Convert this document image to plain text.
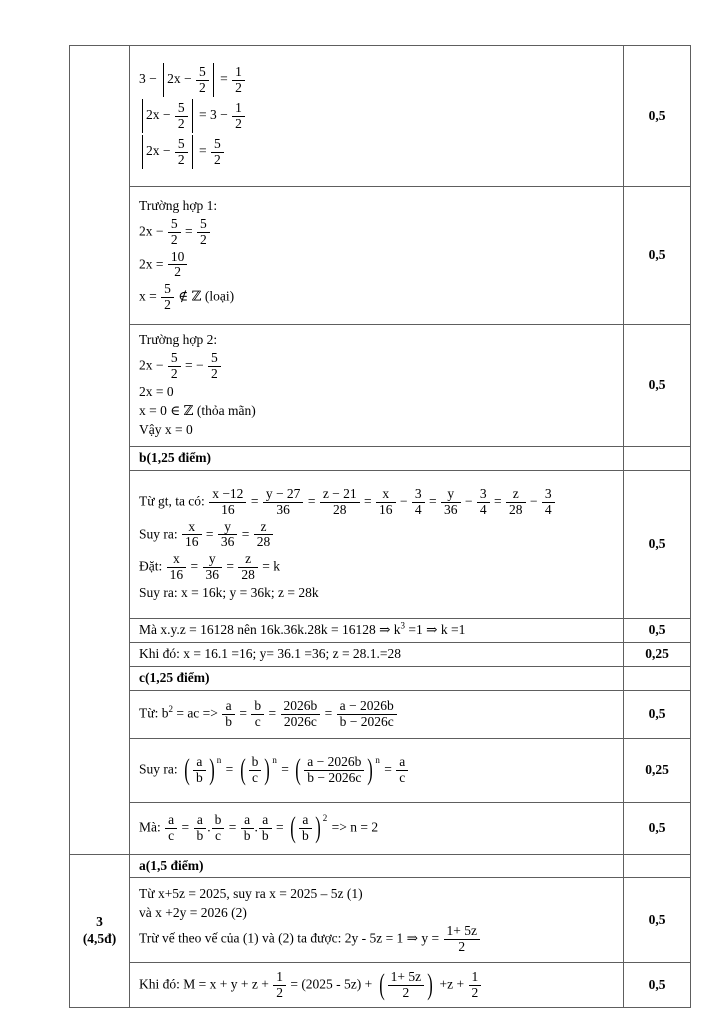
$3 - 2x - \frac{5}{2} = \frac{1}{2}$
$2x - \frac{5}{2} = 3 - \frac{1}{2}$
$2x - \frac{5}{2} = \frac{5}{2}$
	0,5

Trường hợp 1:
$2x - \frac{5}{2} = \frac{5}{2}$
$2x = \frac{10}{2}$
$x = \frac{5}{2}$ ∉ ℤ (loại)
	0,5

Trường hợp 2:
$2x - \frac{5}{2}$ = − $\frac{5}{2}$
2x = 0
x = 0 ∈ ℤ (thỏa mãn)
Vậy x = 0
	0,5

	b(1,25 điểm)	

Từ gt, ta có: $\frac{x -12}{16} = \frac{y - 27}{36} = \frac{z - 21}{28} = \frac{x}{16} - \frac{3}{4} = \frac{y}{36} - \frac{3}{4} = \frac{z}{28} - \frac{3}{4}$
Suy ra: $\frac{x}{16} = \frac{y}{36} = \frac{z}{28}$
Đặt: $\frac{x}{16} = \frac{y}{36} = \frac{z}{28} = k$
Suy ra: x = 16k; y = 36k; z = 28k
	0,5

	Mà x.y.z = 16128 nên 16k.36k.28k = 16128 ⇒ $k^3 =1$ ⇒ k =1	0,5

	Khi đó: x = 16.1 =16; y= 36.1 =36; z = 28.1.=28	0,25

	c(1,25 điểm)	

Từ: $b^2$ = ac => $\frac{a}{b} = \frac{b}{c} = \frac{2026b}{2026c} = \frac{a - 2026b}{b - 2026c}$	0,5

Suy ra: ( $\frac{a}{b}$ ) n
= ( $\frac{b}{c}$ ) n
= ( $\frac{a - 2026b}{b - 2026c}$ ) n
= $\frac{a}{c}$	0,25

Mà: $\frac{a}{c} = \frac{a}{b}$ . $\frac{b}{c} = \frac{a}{b}$ . $\frac{a}{b}$ = ( $\frac{a}{b}$ ) 2
=> n = 2	0,5
3
(4,5đ)	a(1,5 điểm)	

	Từ x+5z = 2025, suy ra x = 2025 – 5z (1)
và x +2y = 2026 (2)
Trừ vế theo vế của (1) và (2) ta được: 2y - 5z = 1 ⇒ $y = \frac{1+ 5z}{2}$	0,5

Khi đó: $M = x + y + z + \frac{1}{2} = (2025 - 5z)$ + ( $\frac{1+ 5z}{2}$ ) $+z + \frac{1}{2}$	0,5
